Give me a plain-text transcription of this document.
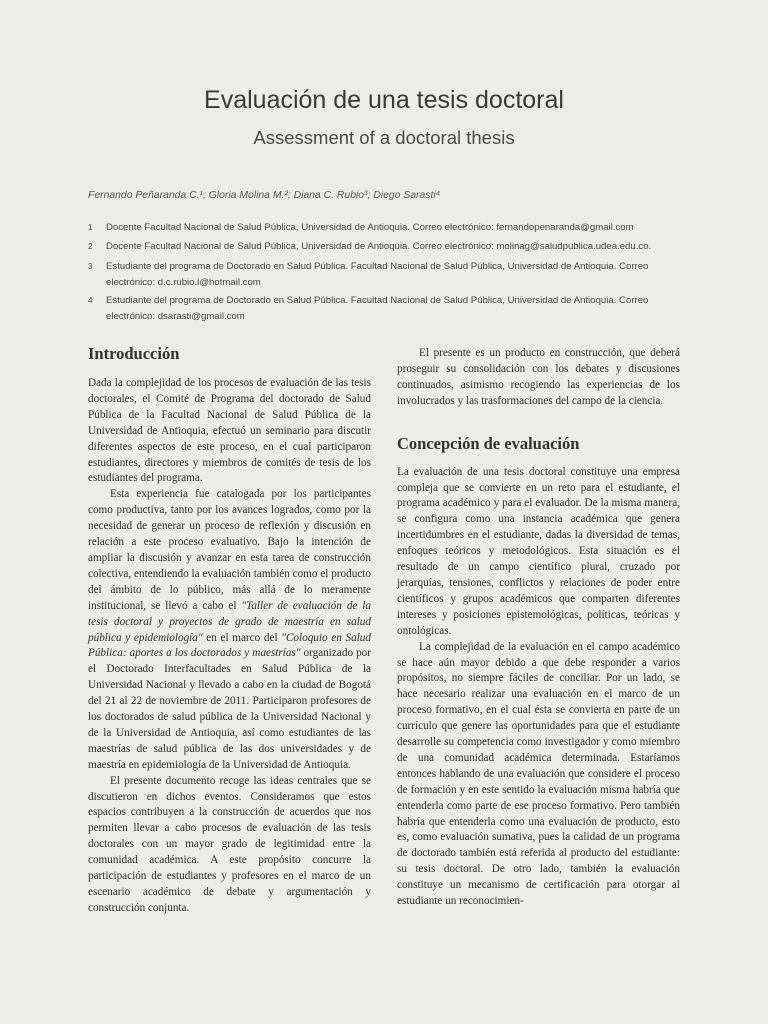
Evaluación de una tesis doctoral
Assessment of a doctoral thesis
Fernando Peñaranda C.¹; Gloria Molina M.²; Diana C. Rubio³; Diego Sarasti⁴
1 Docente Facultad Nacional de Salud Pública, Universidad de Antioquia. Correo electrónico: fernandopenaranda@gmail.com
2 Docente Facultad Nacional de Salud Pública, Universidad de Antioquia. Correo electrónico: molinag@saludpublica.udea.edu.co.
3 Estudiante del programa de Doctorado en Salud Pública. Facultad Nacional de Salud Pública, Universidad de Antioquia. Correo electrónico: d.c.rubio.l@hotmail.com
4 Estudiante del programa de Doctorado en Salud Pública. Facultad Nacional de Salud Pública, Universidad de Antioquia. Correo electrónico: dsarasti@gmail.com
Introducción

Dada la complejidad de los procesos de evaluación de las tesis doctorales, el Comité de Programa del doctorado de Salud Pública de la Facultad Nacional de Salud Pública de la Universidad de Antioquia, efectuó un seminario para discutir diferentes aspectos de este proceso, en el cual participaron estudiantes, directores y miembros de comités de tesis de los estudiantes del programa.

Esta experiencia fue catalogada por los participantes como productiva, tanto por los avances logrados, como por la necesidad de generar un proceso de reflexión y discusión en relación a este proceso evaluativo. Bajo la intención de ampliar la discusión y avanzar en esta tarea de construcción colectiva, entendiendo la evaluación también como el producto del ámbito de lo público, más allá de lo meramente institucional, se llevó a cabo el "Taller de evaluación de la tesis doctoral y proyectos de grado de maestría en salud pública y epidemiología" en el marco del "Coloquio en Salud Pública: aportes a los doctorados y maestrías" organizado por el Doctorado Interfacultades en Salud Pública de la Universidad Nacional y llevado a cabo en la ciudad de Bogotá del 21 al 22 de noviembre de 2011. Participaron profesores de los doctorados de salud pública de la Universidad Nacional y de la Universidad de Antioquia, así como estudiantes de las maestrías de salud pública de las dos universidades y de maestría en epidemiología de la Universidad de Antioquia.

El presente documento recoge las ideas centrales que se discutieron en dichos eventos. Consideramos que estos espacios contribuyen a la construcción de acuerdos que nos permiten llevar a cabo procesos de evaluación de las tesis doctorales con un mayor grado de legitimidad entre la comunidad académica. A este propósito concurre la participación de estudiantes y profesores en el marco de un escenario académico de debate y argumentación y construcción conjunta.

El presente es un producto en construcción, que deberá proseguir su consolidación con los debates y discusiones continuados, asimismo recogiendo las experiencias de los involucrados y las trasformaciones del campo de la ciencia.

Concepción de evaluación

La evaluación de una tesis doctoral constituye una empresa compleja que se convierte en un reto para el estudiante, el programa académico y para el evaluador. De la misma manera, se configura como una instancia académica que genera incertidumbres en el estudiante, dadas la diversidad de temas, enfoques teóricos y metodológicos. Esta situación es el resultado de un campo científico plural, cruzado por jerarquías, tensiones, conflictos y relaciones de poder entre científicos y grupos académicos que comparten diferentes intereses y posiciones epistemológicas, políticas, teóricas y ontológicas.

La complejidad de la evaluación en el campo académico se hace aún mayor debido a que debe responder a varios propósitos, no siempre fáciles de conciliar. Por un lado, se hace necesario realizar una evaluación en el marco de un proceso formativo, en el cual ésta se convierta en parte de un currículo que genere las oportunidades para que el estudiante desarrolle su competencia como investigador y como miembro de una comunidad académica determinada. Estaríamos entonces hablando de una evaluación que considere el proceso de formación y en este sentido la evaluación misma habría que entenderla como parte de ese proceso formativo. Pero también habría que entenderla como una evaluación de producto, esto es, como evaluación sumativa, pues la calidad de un programa de doctorado también está referida al producto del estudiante: su tesis doctoral. De otro lado, también la evaluación constituye un mecanismo de certificación para otorgar al estudiante un reconocimien-
